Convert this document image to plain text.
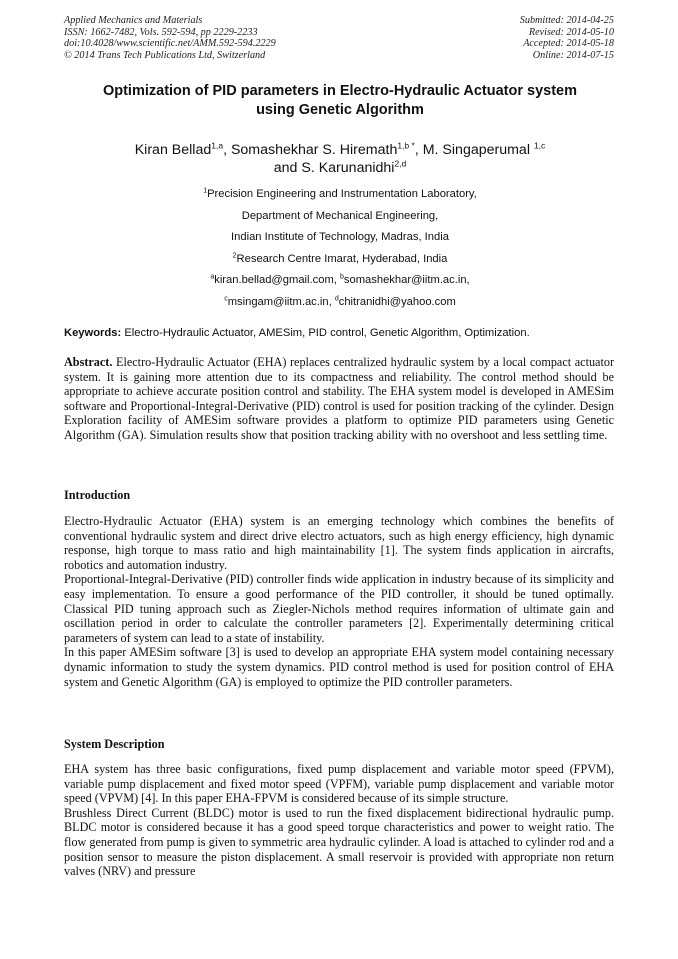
Applied Mechanics and Materials
ISSN: 1662-7482, Vols. 592-594, pp 2229-2233
doi:10.4028/www.scientific.net/AMM.592-594.2229
© 2014 Trans Tech Publications Ltd, Switzerland
Submitted: 2014-04-25
Revised: 2014-05-10
Accepted: 2014-05-18
Online: 2014-07-15
Optimization of PID parameters in Electro-Hydraulic Actuator system
using Genetic Algorithm
Kiran Bellad$^{1,a}$, Somashekhar S. Hiremath$^{1,b *}$, M. Singaperumal $^{1,c}$
and S. Karunanidhi$^{2,d}$
$^1$Precision Engineering and Instrumentation Laboratory,
Department of Mechanical Engineering,
Indian Institute of Technology, Madras, India
$^2$Research Centre Imarat, Hyderabad, India
$^a$kiran.bellad@gmail.com, $^b$somashekhar@iitm.ac.in,
$^c$msingam@iitm.ac.in, $^d$chitranidhi@yahoo.com
Keywords: Electro-Hydraulic Actuator, AMESim, PID control, Genetic Algorithm, Optimization.

Abstract. Electro-Hydraulic Actuator (EHA) replaces centralized hydraulic system by a local compact actuator system. It is gaining more attention due to its compactness and reliability. The control method should be appropriate to achieve accurate position control and stability. The EHA system model is developed in AMESim software and Proportional-Integral-Derivative (PID) control is used for position tracking of the cylinder. Design Exploration facility of AMESim software provides a platform to optimize PID parameters using Genetic Algorithm (GA). Simulation results show that position tracking ability with no overshoot and less settling time.

Introduction

Electro-Hydraulic Actuator (EHA) system is an emerging technology which combines the benefits of conventional hydraulic system and direct drive electro actuators, such as high energy efficiency, high dynamic response, high torque to mass ratio and high maintainability [1]. The system finds application in aircrafts, robotics and automation industry.

Proportional-Integral-Derivative (PID) controller finds wide application in industry because of its simplicity and easy implementation. To ensure a good performance of the PID controller, it should be tuned optimally. Classical PID tuning approach such as Ziegler-Nichols method requires information of ultimate gain and oscillation period in order to calculate the controller parameters [2]. Experimentally determining critical parameters of system can lead to a state of instability.

In this paper AMESim software [3] is used to develop an appropriate EHA system model containing necessary dynamic information to study the system dynamics. PID control method is used for position control of EHA system and Genetic Algorithm (GA) is employed to optimize the PID controller parameters.

System Description

EHA system has three basic configurations, fixed pump displacement and variable motor speed (FPVM), variable pump displacement and fixed motor speed (VPFM), variable pump displacement and variable motor speed (VPVM) [4]. In this paper EHA-FPVM is considered because of its simple structure.

Brushless Direct Current (BLDC) motor is used to run the fixed displacement bidirectional hydraulic pump. BLDC motor is considered because it has a good speed torque characteristics and power to weight ratio. The flow generated from pump is given to symmetric area hydraulic cylinder. A load is attached to cylinder rod and a position sensor to measure the piston displacement. A small reservoir is provided with appropriate non return valves (NRV) and pressure
